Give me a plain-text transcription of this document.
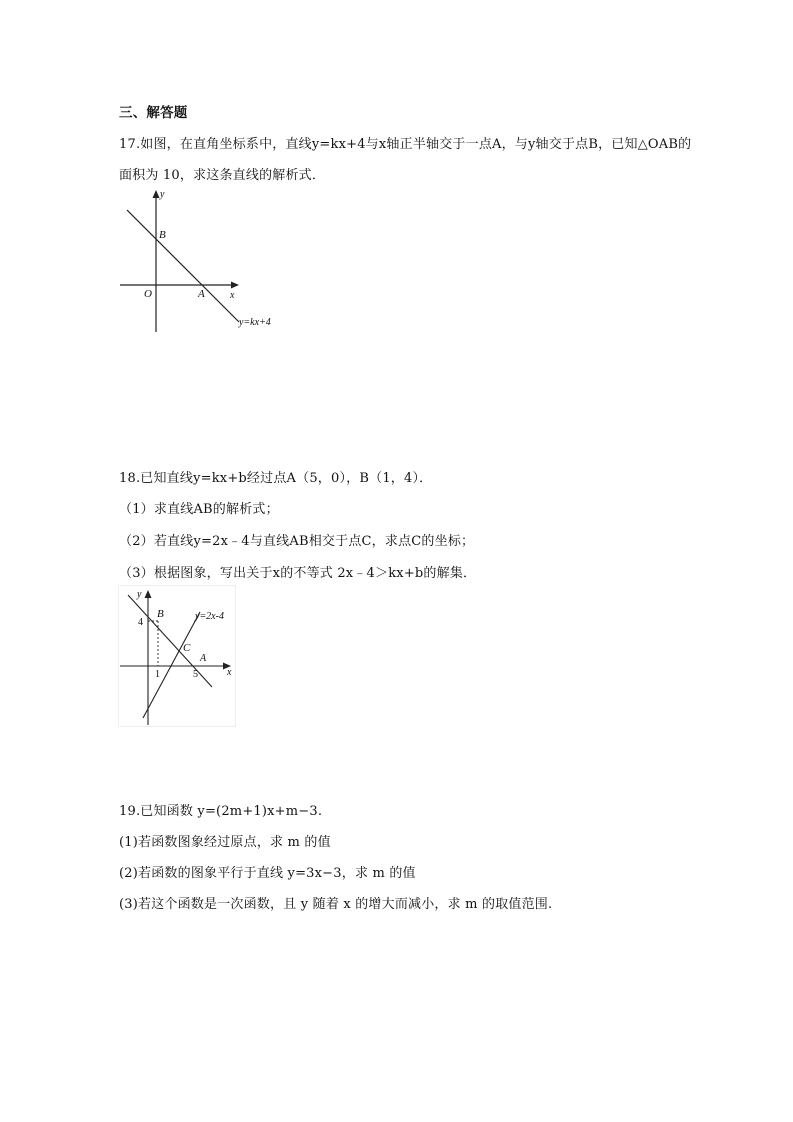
三、解答题
17.如图，在直角坐标系中，直线y=kx+4与x轴正半轴交于一点A，与y轴交于点B，已知△OAB的
面积为 10，求这条直线的解析式．
y
B
O	A	x
y=kx+4
18.已知直线y=kx+b经过点A（5，0），B（1，4）．
（1）求直线AB的解析式；
（2）若直线y=2x﹣4与直线AB相交于点C，求点C的坐标；
（3）根据图象，写出关于x的不等式 2x﹣4＞kx+b的解集．
y
B	y=2x-4
4
C
A
1	5	x
19.已知函数 y=(2m+1)x+m−3.
(1)若函数图象经过原点，求 m 的值
(2)若函数的图象平行于直线 y=3x−3，求 m 的值
(3)若这个函数是一次函数，且 y 随着 x 的增大而减小，求 m 的取值范围.
